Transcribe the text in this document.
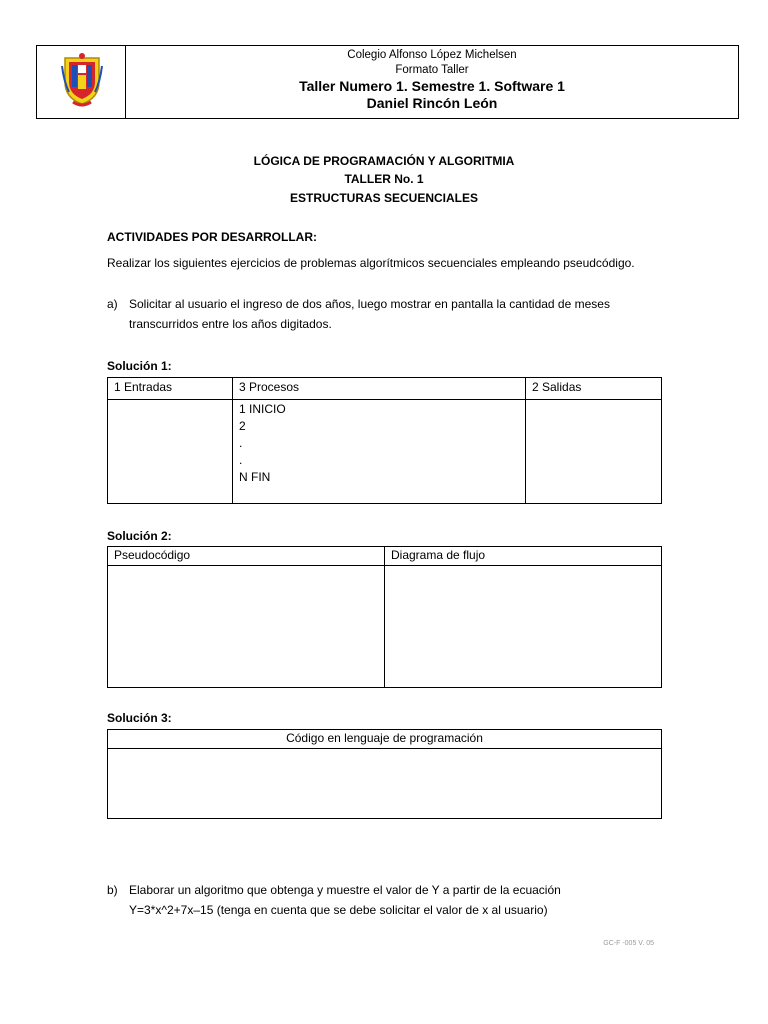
Colegio Alfonso López Michelsen
Formato Taller
Taller Numero 1. Semestre 1. Software 1
Daniel Rincón León
LÓGICA DE PROGRAMACIÓN Y ALGORITMIA
TALLER No. 1
ESTRUCTURAS SECUENCIALES
ACTIVIDADES POR DESARROLLAR:
Realizar los siguientes ejercicios de problemas algorítmicos secuenciales empleando pseudcódigo.
a) Solicitar al usuario el ingreso de dos años, luego mostrar en pantalla la cantidad de meses
transcurridos entre los años digitados.
Solución 1:
1 Entradas	3 Procesos	2 Salidas

	1 INICIO
2
.
.
N FIN	

Solución 2:
Pseudocódigo	Diagrama de flujo

Solución 3:
Código en lenguaje de programación

b) Elaborar un algoritmo que obtenga y muestre el valor de Y a partir de la ecuación
Y=3*x^2+7x–15 (tenga en cuenta que se debe solicitar el valor de x al usuario)
GC-F -005 V. 05
